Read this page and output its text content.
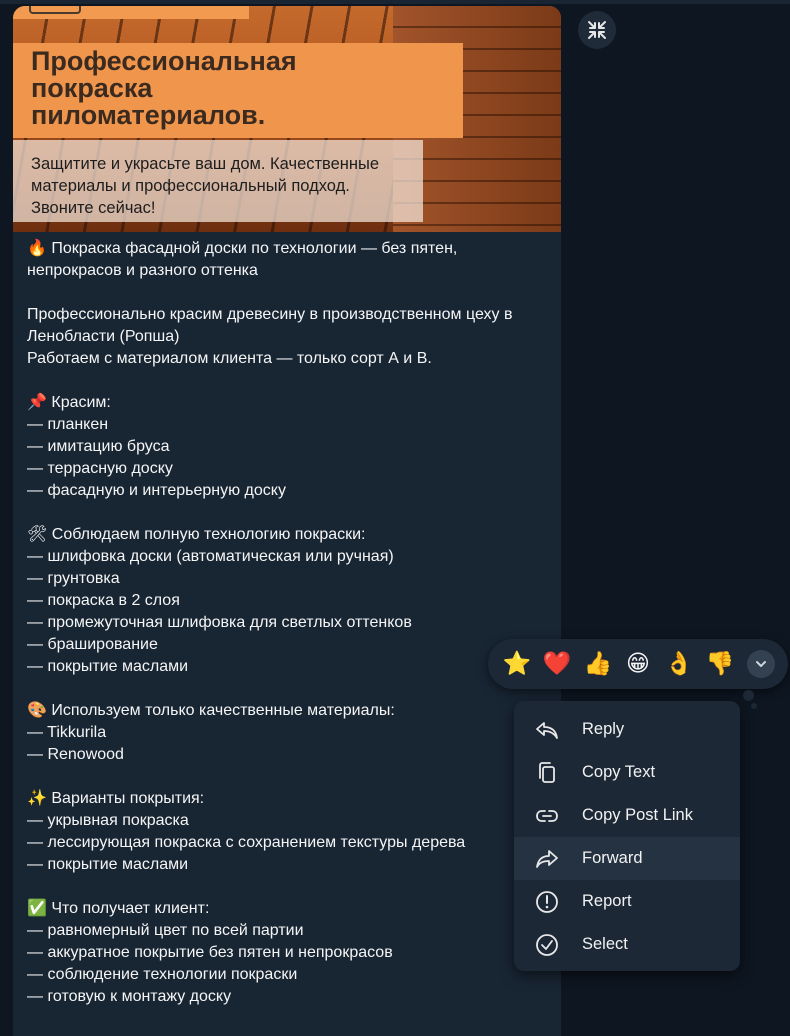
Профессиональная
покраска
пиломатериалов.
Защитите и украсьте ваш дом. Качественные
материалы и профессиональный подход.
Звоните сейчас!
🔥 Покраска фасадной доски по технологии — без пятен,
непрокрасов и разного оттенка
Профессионально красим древесину в производственном цеху в
Ленобласти (Ропша)
Работаем с материалом клиента — только сорт А и В.
📌 Красим:
— планкен
— имитацию бруса
— террасную доску
— фасадную и интерьерную доску
🛠 Соблюдаем полную технологию покраски:
— шлифовка доски (автоматическая или ручная)
— грунтовка
— покраска в 2 слоя
— промежуточная шлифовка для светлых оттенков
— браширование
— покрытие маслами
🎨 Используем только качественные материалы:
— Tikkurila
— Renowood
✨ Варианты покрытия:
— укрывная покраска
— лессирующая покраска с сохранением текстуры дерева
— покрытие маслами
✅ Что получает клиент:
— равномерный цвет по всей партии
— аккуратное покрытие без пятен и непрокрасов
— соблюдение технологии покраски
— готовую к монтажу доску
⭐ ❤️ 👍 😁 👌 👎
Reply
Copy Text
Copy Post Link
Forward
Report
Select
